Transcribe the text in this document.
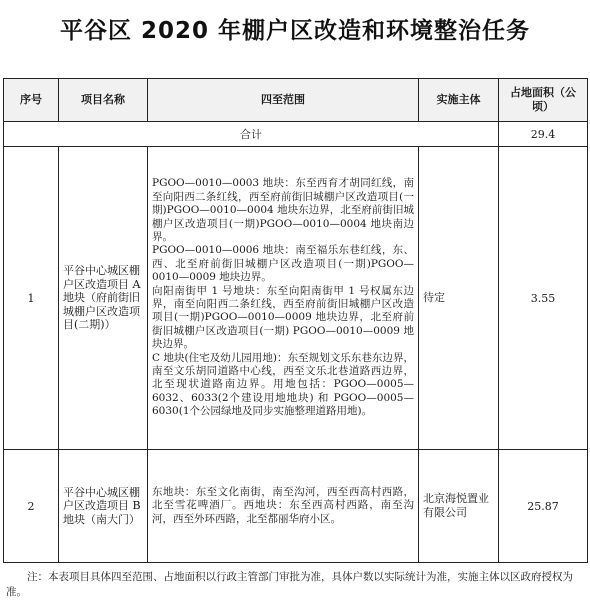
平谷区 2020 年棚户区改造和环境整治任务
序号	项目名称	四至范围	实施主体	占地面积（公顷）
合计				29.4
1	平谷中心城区棚户区改造项目 A 地块（府前街旧城棚户区改造项目(二期)）	PGOO—0010—0003 地块：东至西育才胡同红线，南至向阳西二条红线，西至府前街旧城棚户区改造项目(一期)PGOO—0010—0004 地块东边界，北至府前街旧城棚户区改造项目(一期)PGOO—0010—0004 地块南边界。

PGOO—0010—0006 地块：南至福乐东巷红线，东、西、北至府前街旧城棚户区改造项目(一期)PGOO—0010—0009 地块边界。

向阳南街甲 1 号地块：东至向阳南街甲 1 号权属东边界，南至向阳西二条红线，西至府前街旧城棚户区改造项目(一期)PGOO—0010—0009 地块边界，北至府前街旧城棚户区改造项目(一期) PGOO—0010—0009 地块边界。

C 地块(住宅及幼儿园用地)：东至规划文乐东巷东边界，南至文乐胡同道路中心线，西至文乐北巷道路西边界，北至现状道路南边界。用地包括：PGOO—0005—6032、6033(2个建设用地地块) 和 PGOO—0005—6030(1个公园绿地及同步实施整理道路用地)。	待定	3.55
2	平谷中心城区棚户区改造项目 B 地块（南大门）	东地块：东至文化南街，南至沟河，西至西高村西路，北至雪花啤酒厂。西地块：东至西高村西路，南至沟河，西至外环西路，北至都丽华府小区。	北京海悦置业有限公司	25.87
注：本表项目具体四至范围、占地面积以行政主管部门审批为准，具体户数以实际统计为准，实施主体以区政府授权为准。
